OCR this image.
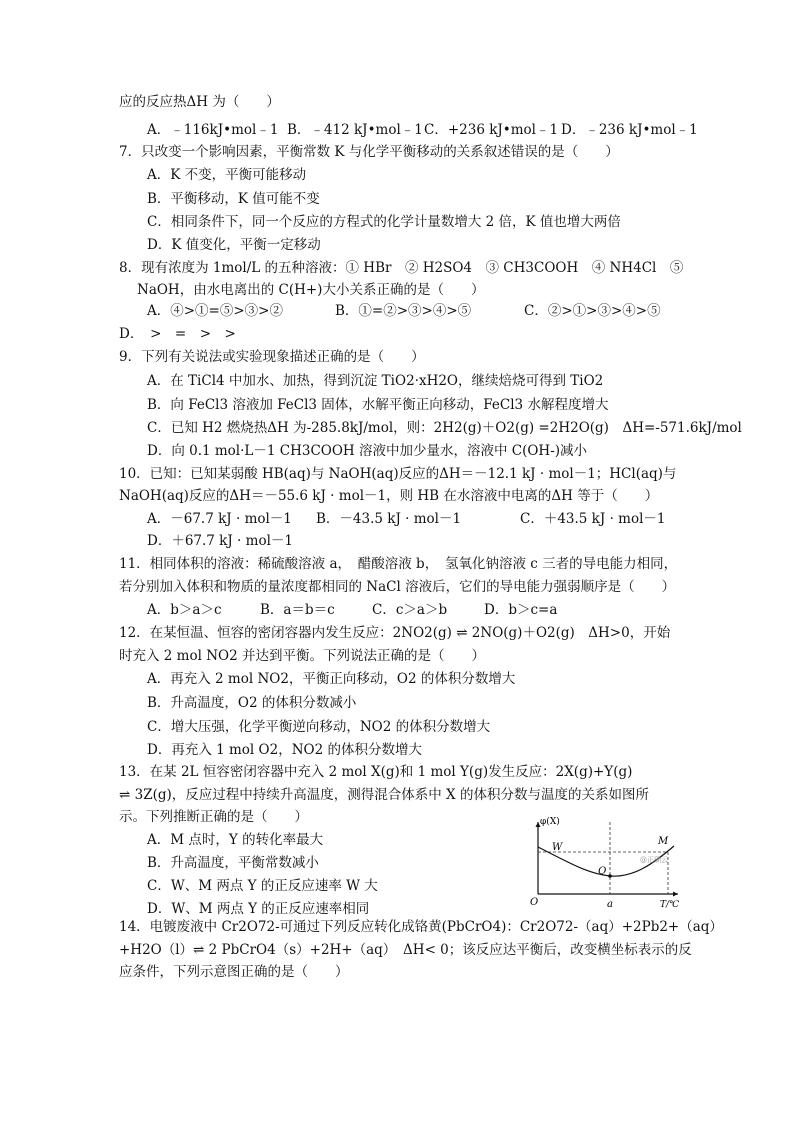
应的反应热ΔH 为（　　）
A．﹣116kJ•mol﹣1 B．﹣412 kJ•mol﹣1 C．+236 kJ•mol﹣1 D．﹣236 kJ•mol﹣1
7．只改变一个影响因素，平衡常数 K 与化学平衡移动的关系叙述错误的是（　　）
A．K 不变，平衡可能移动
B．平衡移动，K 值可能不变
C．相同条件下，同一个反应的方程式的化学计量数增大 2 倍，K 值也增大两倍
D．K 值变化，平衡一定移动
8．现有浓度为 1mol/L 的五种溶液：① HBr　② H2SO4　③ CH3COOH　④ NH4Cl　⑤
NaOH，由水电离出的 C(H+)大小关系正确的是（　　）
A．④>①=⑤>③>②	B．①=②>③>④>⑤	C．②>①>③>④>⑤
D．　>　=　>　>
9．下列有关说法或实验现象描述正确的是（　　）
A．在 TiCl4 中加水、加热，得到沉淀 TiO2·xH2O，继续焙烧可得到 TiO2
B．向 FeCl3 溶液加 FeCl3 固体，水解平衡正向移动，FeCl3 水解程度增大
C．已知 H2 燃烧热ΔH 为-285.8kJ/mol，则：2H2(g)＋O2(g) =2H2O(g)　ΔH=-571.6kJ/mol
D．向 0.1 mol·L－1 CH3COOH 溶液中加少量水，溶液中 C(OH-)减小
10．已知：已知某弱酸 HB(aq)与 NaOH(aq)反应的ΔH＝－12.1 kJ · mol－1；HCl(aq)与
NaOH(aq)反应的ΔH＝－55.6 kJ · mol－1，则 HB 在水溶液中电离的ΔH 等于（　　）
A．－67.7 kJ · mol－1 B．－43.5 kJ · mol－1	C．＋43.5 kJ · mol－1
D．＋67.7 kJ · mol－1
11．相同体积的溶液：稀硫酸溶液 a，　醋酸溶液 b，　氢氧化钠溶液 c 三者的导电能力相同，
若分别加入体积和物质的量浓度都相同的 NaCl 溶液后，它们的导电能力强弱顺序是（　　）
A．b＞a＞c	B．a＝b＝c	C．c＞a＞b	D．b＞c=a
12．在某恒温、恒容的密闭容器内发生反应：2NO2(g) ⇌ 2NO(g)＋O2(g)　ΔH>0，开始
时充入 2 mol NO2 并达到平衡。下列说法正确的是（　　）
A．再充入 2 mol NO2，平衡正向移动，O2 的体积分数增大
B．升高温度，O2 的体积分数减小
C．增大压强，化学平衡逆向移动，NO2 的体积分数增大
D．再充入 1 mol O2，NO2 的体积分数增大
13．在某 2L 恒容密闭容器中充入 2 mol X(g)和 1 mol Y(g)发生反应：2X(g)+Y(g)
⇌ 3Z(g)，反应过程中持续升高温度，测得混合体系中 X 的体积分数与温度的关系如图所
示。下列推断正确的是（　　）
A．M 点时，Y 的转化率最大
B．升高温度，平衡常数减小
C．W、M 两点 Y 的正反应速率 W 大
D．W、M 两点 Y 的正反应速率相同
φ(X)
T/℃
O
W
Q
M
a
@正确云
14．电镀废液中 Cr2O72-可通过下列反应转化成铬黄(PbCrO4)：Cr2O72-（aq）+2Pb2+（aq）
+H2O（l）⇌ 2 PbCrO4（s）+2H+（aq）　ΔH< 0；该反应达平衡后，改变横坐标表示的反
应条件，下列示意图正确的是（　　）
